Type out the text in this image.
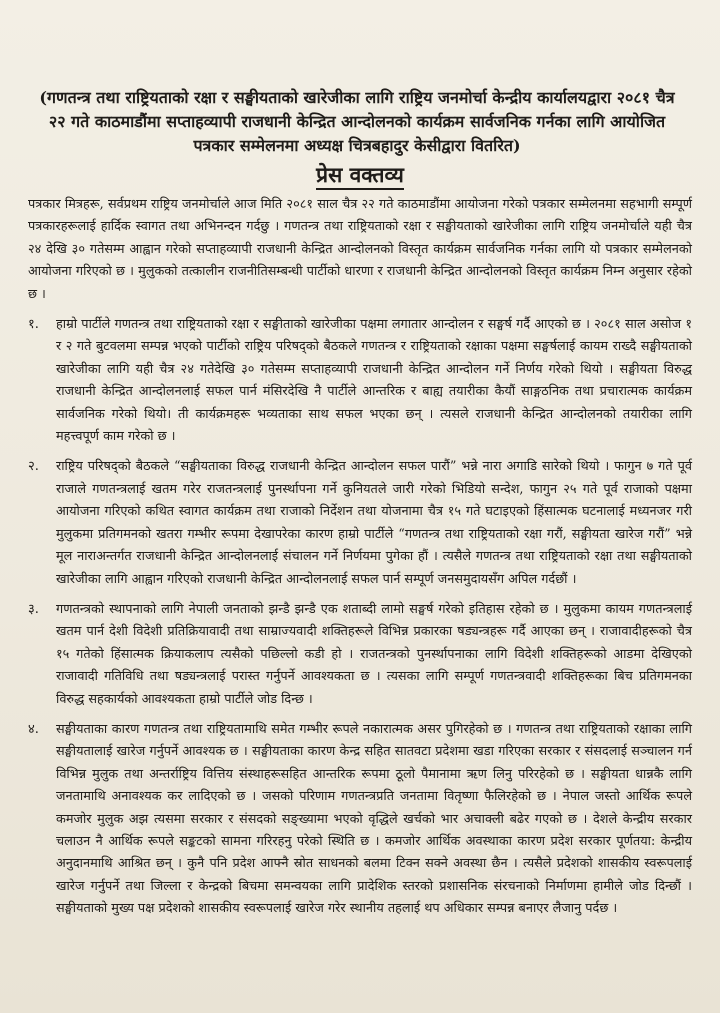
(गणतन्त्र तथा राष्ट्रियताको रक्षा र सङ्घीयताको खारेजीका लागि राष्ट्रिय जनमोर्चा केन्द्रीय कार्यालयद्वारा २०८१ चैत्र २२ गते काठमाडौंमा सप्ताहव्यापी राजधानी केन्द्रित आन्दोलनको कार्यक्रम सार्वजनिक गर्नका लागि आयोजित पत्रकार सम्मेलनमा अध्यक्ष चित्रबहादुर केसीद्वारा वितरित)
प्रेस वक्तव्य
पत्रकार मित्रहरू, सर्वप्रथम राष्ट्रिय जनमोर्चाले आज मिति २०८१ साल चैत्र २२ गते काठमाडौंमा आयोजना गरेको पत्रकार सम्मेलनमा सहभागी सम्पूर्ण पत्रकारहरूलाई हार्दिक स्वागत तथा अभिनन्दन गर्दछु । गणतन्त्र तथा राष्ट्रियताको रक्षा र सङ्घीयताको खारेजीका लागि राष्ट्रिय जनमोर्चाले यही चैत्र २४ देखि ३० गतेसम्म आह्वान गरेको सप्ताहव्यापी राजधानी केन्द्रित आन्दोलनको विस्तृत कार्यक्रम सार्वजनिक गर्नका लागि यो पत्रकार सम्मेलनको आयोजना गरिएको छ । मुलुकको तत्कालीन राजनीतिसम्बन्धी पार्टीको धारणा र राजधानी केन्द्रित आन्दोलनको विस्तृत कार्यक्रम निम्न अनुसार रहेको छ ।
१.	हाम्रो पार्टीले गणतन्त्र तथा राष्ट्रियताको रक्षा र सङ्घीताको खारेजीका पक्षमा लगातार आन्दोलन र सङ्घर्ष गर्दै आएको छ । २०८१ साल असोज १ र २ गते बुटवलमा सम्पन्न भएको पार्टीको राष्ट्रिय परिषद्को बैठकले गणतन्त्र र राष्ट्रियताको रक्षाका पक्षमा सङ्घर्षलाई कायम राख्दै सङ्घीयताको खारेजीका लागि यही चैत्र २४ गतेदेखि ३० गतेसम्म सप्ताहव्यापी राजधानी केन्द्रित आन्दोलन गर्ने निर्णय गरेको थियो । सङ्घीयता विरुद्ध राजधानी केन्द्रित आन्दोलनलाई सफल पार्न मंसिरदेखि नै पार्टीले आन्तरिक र बाह्य तयारीका कैयौं साङ्गठनिक तथा प्रचारात्मक कार्यक्रम सार्वजनिक गरेको थियो। ती कार्यक्रमहरू भव्यताका साथ सफल भएका छन् । त्यसले राजधानी केन्द्रित आन्दोलनको तयारीका लागि महत्त्वपूर्ण काम गरेको छ ।
२.	राष्ट्रिय परिषद्को बैठकले “सङ्घीयताका विरुद्ध राजधानी केन्द्रित आन्दोलन सफल पारौं” भन्ने नारा अगाडि सारेको थियो । फागुन ७ गते पूर्व राजाले गणतन्त्रलाई खतम गरेर राजतन्त्रलाई पुनर्स्थापना गर्ने कुनियतले जारी गरेको भिडियो सन्देश, फागुन २५ गते पूर्व राजाको पक्षमा आयोजना गरिएको कथित स्वागत कार्यक्रम तथा राजाको निर्देशन तथा योजनामा चैत्र १५ गते घटाइएको हिंसात्मक घटनालाई मध्यनजर गरी मुलुकमा प्रतिगमनको खतरा गम्भीर रूपमा देखापरेका कारण हाम्रो पार्टीले “गणतन्त्र तथा राष्ट्रियताको रक्षा गरौं, सङ्घीयता खारेज गरौं” भन्ने मूल नाराअन्तर्गत राजधानी केन्द्रित आन्दोलनलाई संचालन गर्ने निर्णयमा पुगेका हौं । त्यसैले गणतन्त्र तथा राष्ट्रियताको रक्षा तथा सङ्घीयताको खारेजीका लागि आह्वान गरिएको राजधानी केन्द्रित आन्दोलनलाई सफल पार्न सम्पूर्ण जनसमुदायसँग अपिल गर्दछौं ।
३.	गणतन्त्रको स्थापनाको लागि नेपाली जनताको झन्डै झन्डै एक शताब्दी लामो सङ्घर्ष गरेको इतिहास रहेको छ । मुलुकमा कायम गणतन्त्रलाई खतम पार्न देशी विदेशी प्रतिक्रियावादी तथा साम्राज्यवादी शक्तिहरूले विभिन्न प्रकारका षड्यन्त्रहरू गर्दै आएका छन् । राजावादीहरूको चैत्र १५ गतेको हिंसात्मक क्रियाकलाप त्यसैको पछिल्लो कडी हो । राजतन्त्रको पुनर्स्थापनाका लागि विदेशी शक्तिहरूको आडमा देखिएको राजावादी गतिविधि तथा षड्यन्त्रलाई परास्त गर्नुपर्ने आवश्यकता छ । त्यसका लागि सम्पूर्ण गणतन्त्रवादी शक्तिहरूका बिच प्रतिगमनका विरुद्ध सहकार्यको आवश्यकता हाम्रो पार्टीले जोड दिन्छ ।
४.	सङ्घीयताका कारण गणतन्त्र तथा राष्ट्रियतामाथि समेत गम्भीर रूपले नकारात्मक असर पुगिरहेको छ । गणतन्त्र तथा राष्ट्रियताको रक्षाका लागि सङ्घीयतालाई खारेज गर्नुपर्ने आवश्यक छ । सङ्घीयताका कारण केन्द्र सहित सातवटा प्रदेशमा खडा गरिएका सरकार र संसदलाई सञ्चालन गर्न विभिन्न मुलुक तथा अन्तर्राष्ट्रिय वित्तिय संस्थाहरूसहित आन्तरिक रूपमा ठूलो पैमानामा ऋण लिनु परिरहेको छ । सङ्घीयता धान्नकै लागि जनतामाथि अनावश्यक कर लादिएको छ । जसको परिणाम गणतन्त्रप्रति जनतामा वितृष्णा फैलिरहेको छ । नेपाल जस्तो आर्थिक रूपले कमजोर मुलुक अझ त्यसमा सरकार र संसदको सङ्ख्यामा भएको वृद्धिले खर्चको भार अचाक्ली बढेर गएको छ । देशले केन्द्रीय सरकार चलाउन नै आर्थिक रूपले सङ्कटको सामना गरिरहनु परेको स्थिति छ । कमजोर आर्थिक अवस्थाका कारण प्रदेश सरकार पूर्णतया: केन्द्रीय अनुदानमाथि आश्रित छन् । कुनै पनि प्रदेश आफ्नै स्रोत साधनको बलमा टिक्न सक्ने अवस्था छैन । त्यसैले प्रदेशको शासकीय स्वरूपलाई खारेज गर्नुपर्ने तथा जिल्ला र केन्द्रको बिचमा समन्वयका लागि प्रादेशिक स्तरको प्रशासनिक संरचनाको निर्माणमा हामीले जोड दिन्छौं ।सङ्घीयताको मुख्य पक्ष प्रदेशको शासकीय स्वरूपलाई खारेज गरेर स्थानीय तहलाई थप अधिकार सम्पन्न बनाएर लैजानु पर्दछ ।
